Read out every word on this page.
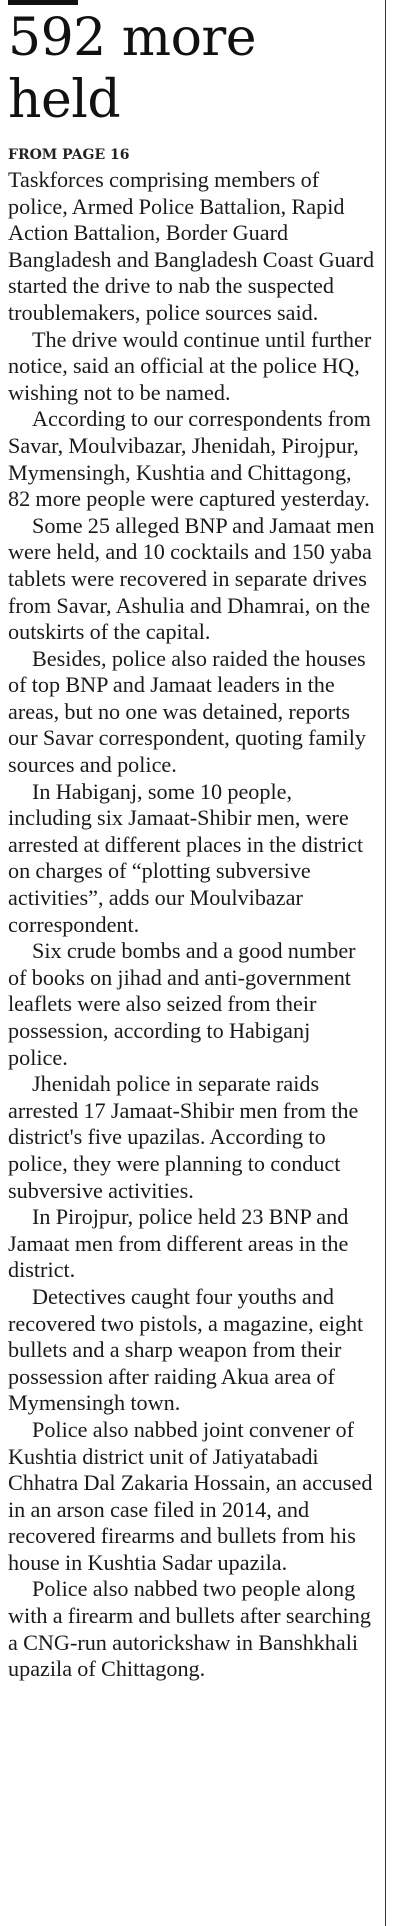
592 more held
FROM PAGE 16

Taskforces comprising members of police, Armed Police Battalion, Rapid Action Battalion, Border Guard Bangladesh and Bangladesh Coast Guard started the drive to nab the suspected troublemakers, police sources said.

The drive would continue until further notice, said an official at the police HQ, wishing not to be named.

According to our correspondents from Savar, Moulvibazar, Jhenidah, Pirojpur, Mymensingh, Kushtia and Chittagong, 82 more people were captured yesterday.

Some 25 alleged BNP and Jamaat men were held, and 10 cocktails and 150 yaba tablets were recovered in separate drives from Savar, Ashulia and Dhamrai, on the outskirts of the capital.

Besides, police also raided the houses of top BNP and Jamaat leaders in the areas, but no one was detained, reports our Savar correspondent, quoting family sources and police.

In Habiganj, some 10 people, including six Jamaat-Shibir men, were arrested at different places in the district on charges of “plotting subversive activities”, adds our Moulvibazar correspondent.

Six crude bombs and a good number of books on jihad and anti-government leaflets were also seized from their possession, according to Habiganj police.

Jhenidah police in separate raids arrested 17 Jamaat-Shibir men from the district's five upazilas. According to police, they were planning to conduct subversive activities.

In Pirojpur, police held 23 BNP and Jamaat men from different areas in the district.

Detectives caught four youths and recovered two pistols, a magazine, eight bullets and a sharp weapon from their possession after raiding Akua area of Mymensingh town.

Police also nabbed joint convener of Kushtia district unit of Jatiyatabadi Chhatra Dal Zakaria Hossain, an accused in an arson case filed in 2014, and recovered firearms and bullets from his house in Kushtia Sadar upazila.

Police also nabbed two people along with a firearm and bullets after searching a CNG-run autorickshaw in Banshkhali upazila of Chittagong.
